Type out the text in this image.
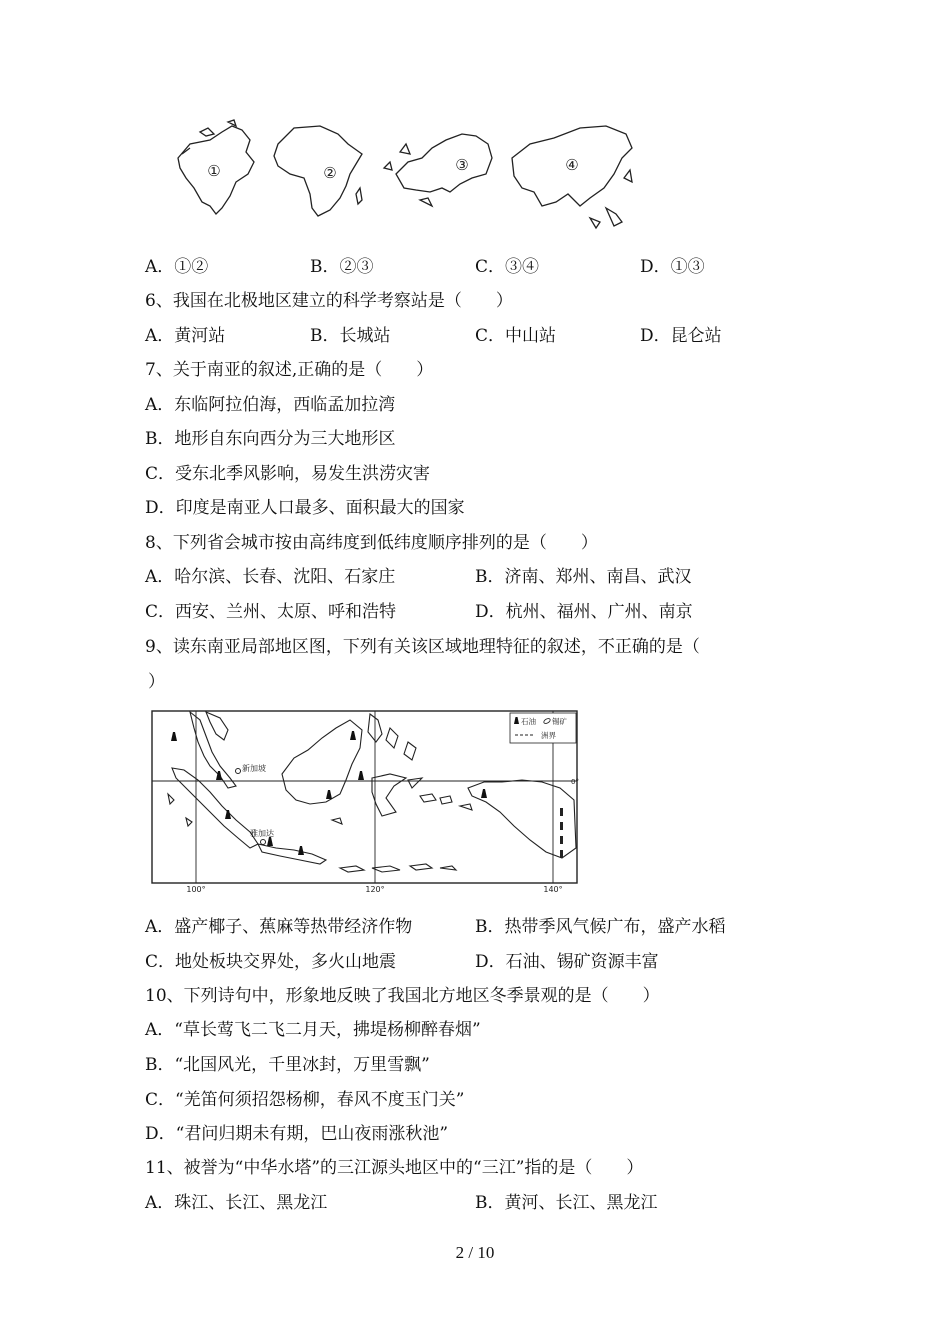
①	②	③	④
A．①②	B．②③	C．③④	D．①③
6、我国在北极地区建立的科学考察站是（　　）
A．黄河站	B．长城站	C．中山站	D．昆仑站
7、关于南亚的叙述,正确的是（　　）
A．东临阿拉伯海，西临孟加拉湾
B．地形自东向西分为三大地形区
C．受东北季风影响，易发生洪涝灾害
D．印度是南亚人口最多、面积最大的国家
8、下列省会城市按由高纬度到低纬度顺序排列的是（　　）
A．哈尔滨、长春、沈阳、石家庄	B．济南、郑州、南昌、武汉
C．西安、兰州、太原、呼和浩特	D．杭州、福州、广州、南京
9、读东南亚局部地区图，下列有关该区域地理特征的叙述，不正确的是（
）
新加坡
雅加达
石油 锡矿
洲界
100°	120°	140°
0°
A．盛产椰子、蕉麻等热带经济作物	B．热带季风气候广布，盛产水稻
C．地处板块交界处，多火山地震	D．石油、锡矿资源丰富
10、下列诗句中，形象地反映了我国北方地区冬季景观的是（　　）
A．“草长莺飞二飞二月天，拂堤杨柳醉春烟”
B．“北国风光，千里冰封，万里雪飘”
C．“羌笛何须招怨杨柳，春风不度玉门关”
D．“君问归期未有期，巴山夜雨涨秋池”
11、被誉为“中华水塔”的三江源头地区中的“三江”指的是（　　）
A．珠江、长江、黑龙江	B．黄河、长江、黑龙江
2 / 10
